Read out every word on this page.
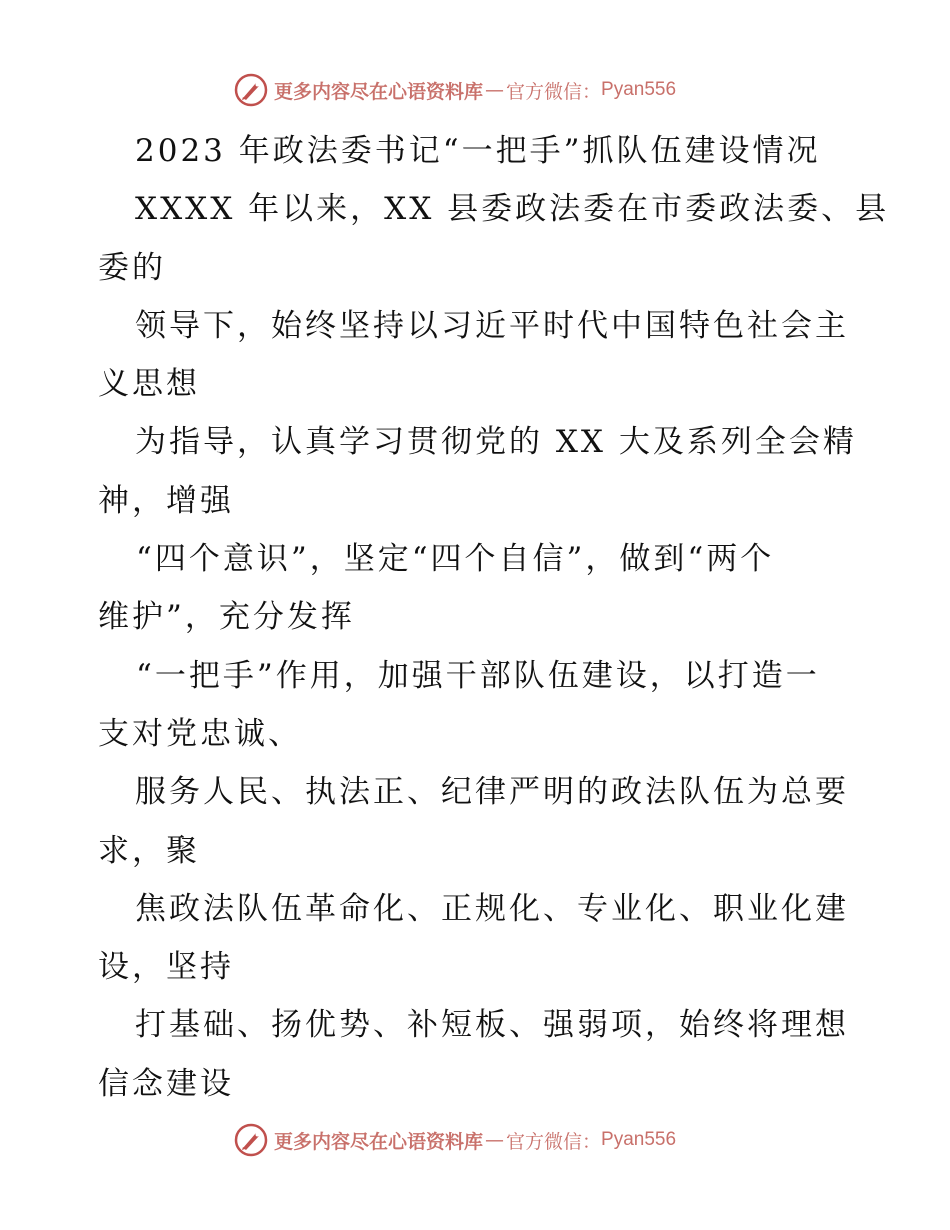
更多内容尽在心语资料库 — 官方微信： Pyan556
2023 年政法委书记“一把手”抓队伍建设情况
XXXX 年以来，XX 县委政法委在市委政法委、县
委的
领导下，始终坚持以习近平时代中国特色社会主
义思想
为指导，认真学习贯彻党的 XX 大及系列全会精
神，增强
“四个意识”，坚定“四个自信”，做到“两个
维护”，充分发挥
“一把手”作用，加强干部队伍建设，以打造一
支对党忠诚、
服务人民、执法正、纪律严明的政法队伍为总要
求，聚
焦政法队伍革命化、正规化、专业化、职业化建
设，坚持
打基础、扬优势、补短板、强弱项，始终将理想
信念建设
更多内容尽在心语资料库 — 官方微信： Pyan556
